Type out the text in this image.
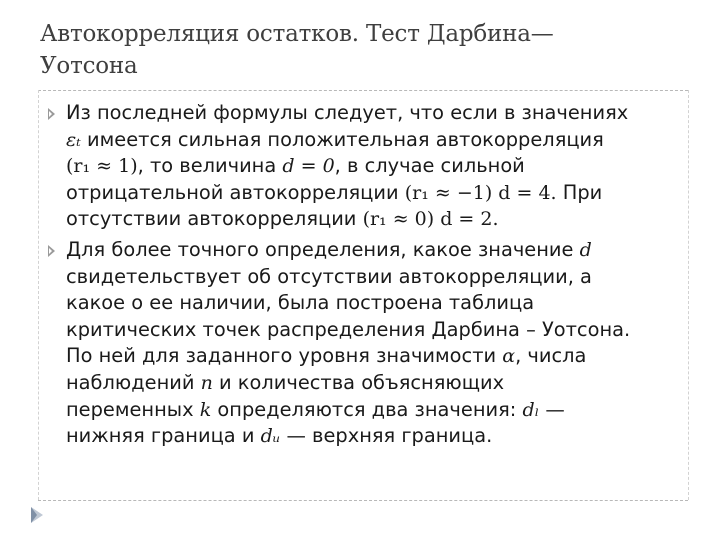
Автокорреляция остатков. Тест Дарбина—
Уотсона
Из последней формулы следует, что если в значениях
εₜ имеется сильная положительная автокорреляция
(r₁ ≈ 1), то величина d = 0, в случае сильной
отрицательной автокорреляции (r₁ ≈ −1) d = 4. При
отсутствии автокорреляции (r₁ ≈ 0) d = 2.
Для более точного определения, какое значение d
свидетельствует об отсутствии автокорреляции, а
какое о ее наличии, была построена таблица
критических точек распределения Дарбина – Уотсона.
По ней для заданного уровня значимости α, числа
наблюдений n и количества объясняющих
переменных k определяются два значения: dₗ —
нижняя граница и dᵤ — верхняя граница.
